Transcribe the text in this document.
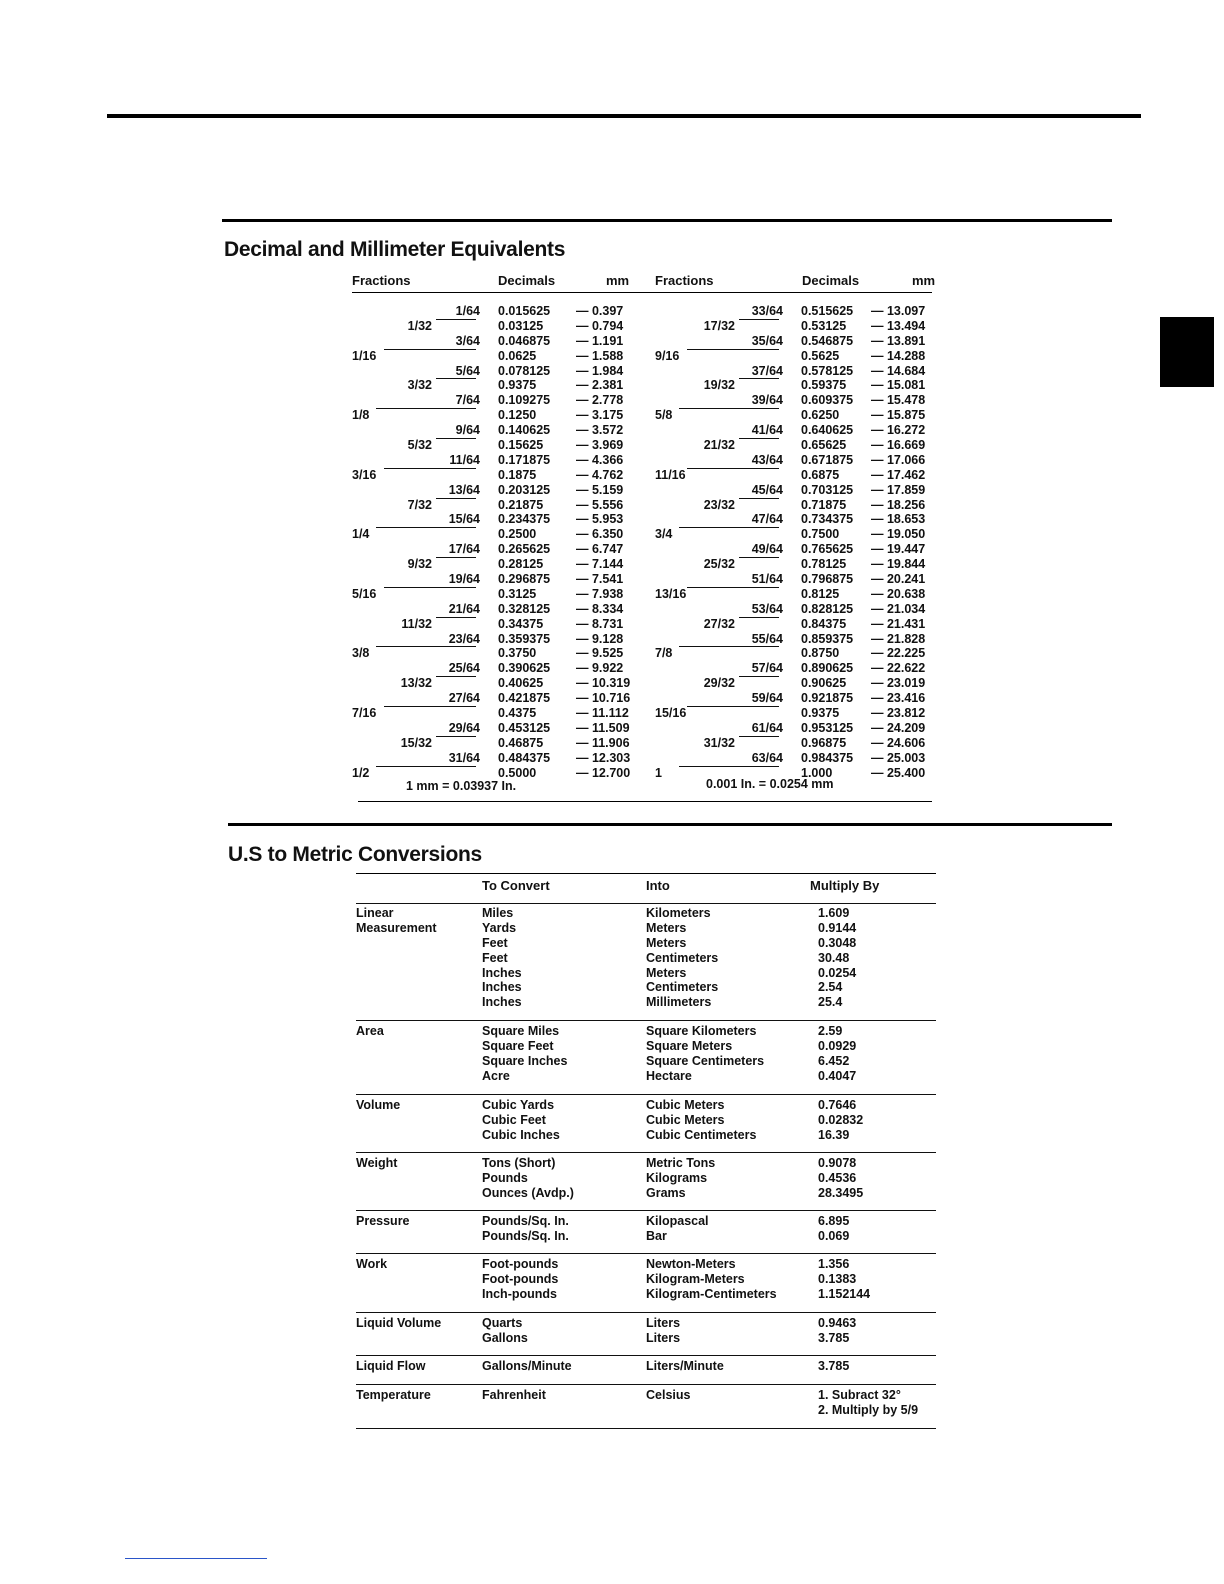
Decimal and Millimeter Equivalents
Fractions	Decimals	mm Fractions	Decimals	mm
1/64 0.015625 — 0.397
1/32	0.03125	— 0.794
3/64 0.046875 — 1.191
1/16	0.0625	— 1.588
5/64 0.078125 — 1.984
3/32	0.9375	— 2.381
7/64 0.109275 — 2.778
1/8	0.1250	— 3.175
9/64 0.140625 — 3.572
5/32	0.15625	— 3.969
11/64 0.171875 — 4.366
3/16	0.1875	— 4.762
13/64 0.203125 — 5.159
7/32	0.21875	— 5.556
15/64 0.234375 — 5.953
1/4	0.2500	— 6.350
17/64 0.265625 — 6.747
9/32	0.28125	— 7.144
19/64 0.296875 — 7.541
5/16	0.3125	— 7.938
21/64 0.328125 — 8.334
11/32	0.34375	— 8.731
23/64 0.359375 — 9.128
3/8	0.3750	— 9.525
25/64 0.390625 — 9.922
13/32	0.40625	— 10.319
27/64 0.421875 — 10.716
7/16	0.4375	— 11.112
29/64 0.453125 — 11.509
15/32	0.46875	— 11.906
31/64 0.484375 — 12.303
1/2	0.5000	— 12.700
33/64 0.515625 — 13.097
17/32	0.53125 — 13.494
35/64 0.546875 — 13.891
9/16	0.5625	— 14.288
37/64 0.578125 — 14.684
19/32	0.59375 — 15.081
39/64 0.609375 — 15.478
5/8	0.6250	— 15.875
41/64 0.640625 — 16.272
21/32	0.65625 — 16.669
43/64 0.671875 — 17.066
11/16	0.6875	— 17.462
45/64 0.703125 — 17.859
23/32	0.71875 — 18.256
47/64 0.734375 — 18.653
3/4	0.7500	— 19.050
49/64 0.765625 — 19.447
25/32	0.78125 — 19.844
51/64 0.796875 — 20.241
13/16	0.8125	— 20.638
53/64 0.828125 — 21.034
27/32	0.84375 — 21.431
55/64 0.859375 — 21.828
7/8	0.8750	— 22.225
57/64 0.890625 — 22.622
29/32	0.90625 — 23.019
59/64 0.921875 — 23.416
15/16	0.9375	— 23.812
61/64 0.953125 — 24.209
31/32	0.96875 — 24.606
63/64 0.984375 — 25.003
1	1.000	— 25.400
1 mm = 0.03937 In.	0.001 In. = 0.0254 mm
U.S to Metric Conversions
To Convert	Into	Multiply By
Linear Measurement
Miles	Kilometers	1.609
Yards	Meters	0.9144
Feet	Meters	0.3048
Feet	Centimeters	30.48
Inches	Meters	0.0254
Inches	Centimeters	2.54
Inches	Millimeters	25.4
Area	Square Miles	Square Kilometers	2.59
Square Feet	Square Meters	0.0929
Square Inches	Square Centimeters	6.452
Acre	Hectare	0.4047
Volume	Cubic Yards	Cubic Meters	0.7646
Cubic Feet	Cubic Meters	0.02832
Cubic Inches	Cubic Centimeters	16.39
Weight	Tons (Short)	Metric Tons	0.9078
Pounds	Kilograms	0.4536
Ounces (Avdp.)	Grams	28.3495
Pressure	Pounds/Sq. In.	Kilopascal	6.895
Pounds/Sq. In.	Bar	0.069
Work	Foot-pounds	Newton-Meters	1.356
Foot-pounds	Kilogram-Meters	0.1383
Inch-pounds	Kilogram-Centimeters	1.152144
Liquid Volume	Quarts	Liters	0.9463
Gallons	Liters	3.785
Liquid Flow	Gallons/Minute	Liters/Minute	3.785
Temperature	Fahrenheit	Celsius	1. Subract 32°
2. Multiply by 5/9
